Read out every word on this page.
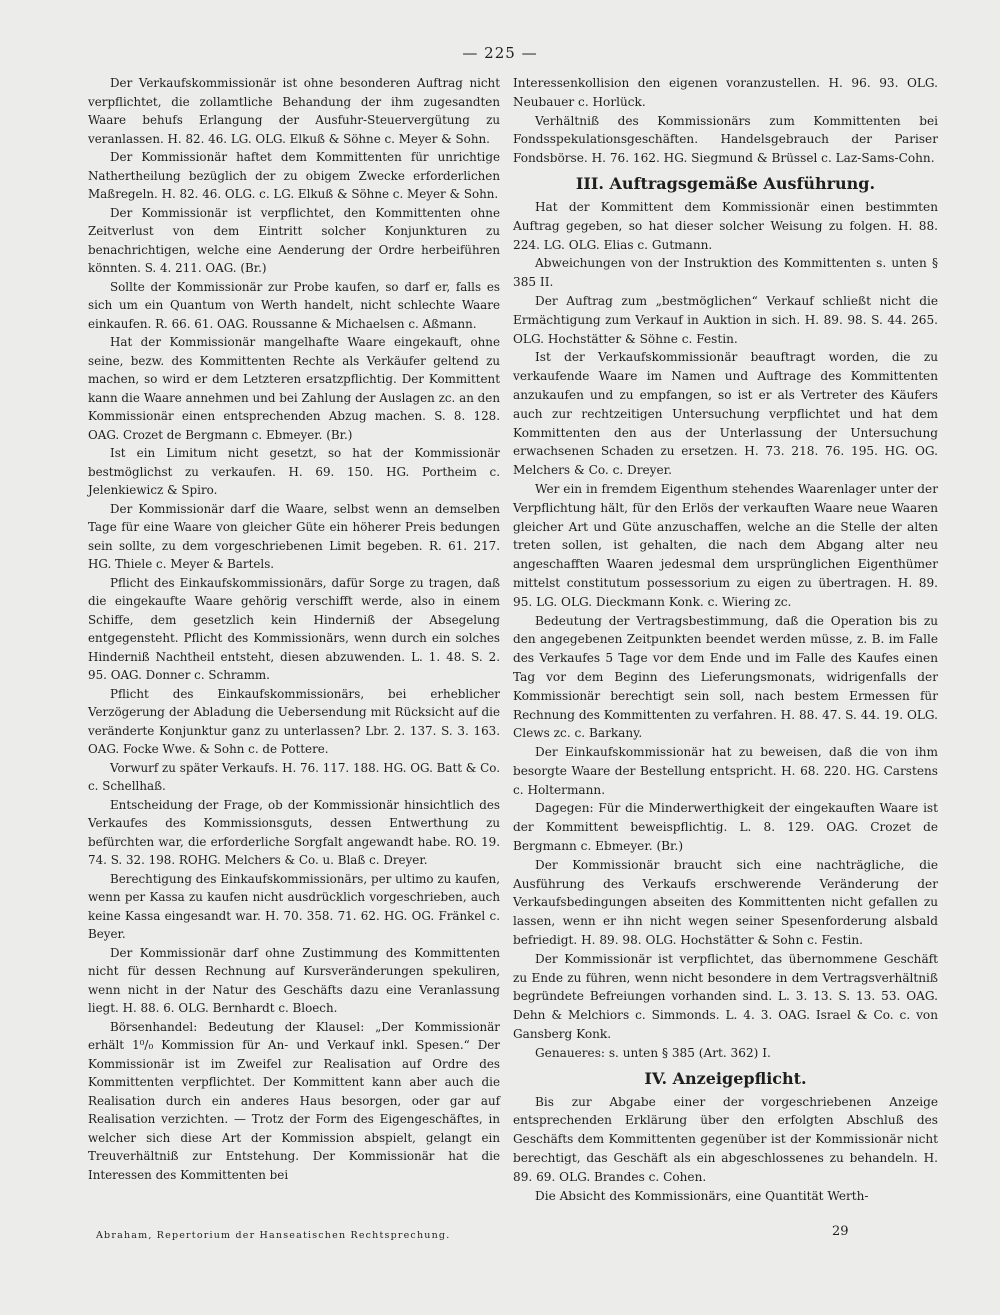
— 225 —

Der Verkaufskommissionär ist ohne besonderen Auftrag nicht verpflichtet, die zollamtliche Behandung der ihm zugesandten Waare behufs Erlangung der Ausfuhr-Steuervergütung zu veranlassen. H. 82. 46. LG. OLG. Elkuß & Söhne c. Meyer & Sohn.

Der Kommissionär haftet dem Kommittenten für unrichtige Nathertheilung bezüglich der zu obigem Zwecke erforderlichen Maßregeln. H. 82. 46. OLG. c. LG. Elkuß & Söhne c. Meyer & Sohn.

Der Kommissionär ist verpflichtet, den Kommittenten ohne Zeitverlust von dem Eintritt solcher Konjunkturen zu benachrichtigen, welche eine Aenderung der Ordre herbeiführen könnten. S. 4. 211. OAG. (Br.)

Sollte der Kommissionär zur Probe kaufen, so darf er, falls es sich um ein Quantum von Werth handelt, nicht schlechte Waare einkaufen. R. 66. 61. OAG. Roussanne & Michaelsen c. Aßmann.

Hat der Kommissionär mangelhafte Waare eingekauft, ohne seine, bezw. des Kommittenten Rechte als Verkäufer geltend zu machen, so wird er dem Letzteren ersatzpflichtig. Der Kommittent kann die Waare annehmen und bei Zahlung der Auslagen zc. an den Kommissionär einen entsprechenden Abzug machen. S. 8. 128. OAG. Crozet de Bergmann c. Ebmeyer. (Br.)

Ist ein Limitum nicht gesetzt, so hat der Kommissionär bestmöglichst zu verkaufen. H. 69. 150. HG. Portheim c. Jelenkiewicz & Spiro.

Der Kommissionär darf die Waare, selbst wenn an demselben Tage für eine Waare von gleicher Güte ein höherer Preis bedungen sein sollte, zu dem vorgeschriebenen Limit begeben. R. 61. 217. HG. Thiele c. Meyer & Bartels.

Pflicht des Einkaufskommissionärs, dafür Sorge zu tragen, daß die eingekaufte Waare gehörig verschifft werde, also in einem Schiffe, dem gesetzlich kein Hinderniß der Absegelung entgegensteht. Pflicht des Kommissionärs, wenn durch ein solches Hinderniß Nachtheil entsteht, diesen abzuwenden. L. 1. 48. S. 2. 95. OAG. Donner c. Schramm.

Pflicht des Einkaufskommissionärs, bei erheblicher Verzögerung der Abladung die Uebersendung mit Rücksicht auf die veränderte Konjunktur ganz zu unterlassen? Lbr. 2. 137. S. 3. 163. OAG. Focke Wwe. & Sohn c. de Pottere.

Vorwurf zu später Verkaufs. H. 76. 117. 188. HG. OG. Batt & Co. c. Schellhaß.

Entscheidung der Frage, ob der Kommissionär hinsichtlich des Verkaufes des Kommissionsguts, dessen Entwerthung zu befürchten war, die erforderliche Sorgfalt angewandt habe. RO. 19. 74. S. 32. 198. ROHG. Melchers & Co. u. Blaß c. Dreyer.

Berechtigung des Einkaufskommissionärs, per ultimo zu kaufen, wenn per Kassa zu kaufen nicht ausdrücklich vorgeschrieben, auch keine Kassa eingesandt war. H. 70. 358. 71. 62. HG. OG. Fränkel c. Beyer.

Der Kommissionär darf ohne Zustimmung des Kommittenten nicht für dessen Rechnung auf Kursveränderungen spekuliren, wenn nicht in der Natur des Geschäfts dazu eine Veranlassung liegt. H. 88. 6. OLG. Bernhardt c. Bloech.

Börsenhandel: Bedeutung der Klausel: „Der Kommissionär erhält 1⁰/₀ Kommission für An- und Verkauf inkl. Spesen.“ Der Kommissionär ist im Zweifel zur Realisation auf Ordre des Kommittenten verpflichtet. Der Kommittent kann aber auch die Realisation durch ein anderes Haus besorgen, oder gar auf Realisation verzichten. — Trotz der Form des Eigengeschäftes, in welcher sich diese Art der Kommission abspielt, gelangt ein Treuverhältniß zur Entstehung. Der Kommissionär hat die Interessen des Kommittenten bei

Interessenkollision den eigenen voranzustellen. H. 96. 93. OLG. Neubauer c. Horlück.

Verhältniß des Kommissionärs zum Kommittenten bei Fondsspekulationsgeschäften. Handelsgebrauch der Pariser Fondsbörse. H. 76. 162. HG. Siegmund & Brüssel c. Laz-Sams-Cohn.

III. Auftragsgemäße Ausführung.

Hat der Kommittent dem Kommissionär einen bestimmten Auftrag gegeben, so hat dieser solcher Weisung zu folgen. H. 88. 224. LG. OLG. Elias c. Gutmann.

Abweichungen von der Instruktion des Kommittenten s. unten § 385 II.

Der Auftrag zum „bestmöglichen“ Verkauf schließt nicht die Ermächtigung zum Verkauf in Auktion in sich. H. 89. 98. S. 44. 265. OLG. Hochstätter & Söhne c. Festin.

Ist der Verkaufskommissionär beauftragt worden, die zu verkaufende Waare im Namen und Auftrage des Kommittenten anzukaufen und zu empfangen, so ist er als Vertreter des Käufers auch zur rechtzeitigen Untersuchung verpflichtet und hat dem Kommittenten den aus der Unterlassung der Untersuchung erwachsenen Schaden zu ersetzen. H. 73. 218. 76. 195. HG. OG. Melchers & Co. c. Dreyer.

Wer ein in fremdem Eigenthum stehendes Waarenlager unter der Verpflichtung hält, für den Erlös der verkauften Waare neue Waaren gleicher Art und Güte anzuschaffen, welche an die Stelle der alten treten sollen, ist gehalten, die nach dem Abgang alter neu angeschafften Waaren jedesmal dem ursprünglichen Eigenthümer mittelst constitutum possessorium zu eigen zu übertragen. H. 89. 95. LG. OLG. Dieckmann Konk. c. Wiering zc.

Bedeutung der Vertragsbestimmung, daß die Operation bis zu den angegebenen Zeitpunkten beendet werden müsse, z. B. im Falle des Verkaufes 5 Tage vor dem Ende und im Falle des Kaufes einen Tag vor dem Beginn des Lieferungsmonats, widrigenfalls der Kommissionär berechtigt sein soll, nach bestem Ermessen für Rechnung des Kommittenten zu verfahren. H. 88. 47. S. 44. 19. OLG. Clews zc. c. Barkany.

Der Einkaufskommissionär hat zu beweisen, daß die von ihm besorgte Waare der Bestellung entspricht. H. 68. 220. HG. Carstens c. Holtermann.

Dagegen: Für die Minderwerthigkeit der eingekauften Waare ist der Kommittent beweispflichtig. L. 8. 129. OAG. Crozet de Bergmann c. Ebmeyer. (Br.)

Der Kommissionär braucht sich eine nachträgliche, die Ausführung des Verkaufs erschwerende Veränderung der Verkaufsbedingungen abseiten des Kommittenten nicht gefallen zu lassen, wenn er ihn nicht wegen seiner Spesenforderung alsbald befriedigt. H. 89. 98. OLG. Hochstätter & Sohn c. Festin.

Der Kommissionär ist verpflichtet, das übernommene Geschäft zu Ende zu führen, wenn nicht besondere in dem Vertragsverhältniß begründete Befreiungen vorhanden sind. L. 3. 13. S. 13. 53. OAG. Dehn & Melchiors c. Simmonds. L. 4. 3. OAG. Israel & Co. c. von Gansberg Konk.

Genaueres: s. unten § 385 (Art. 362) I.

IV. Anzeigepflicht.

Bis zur Abgabe einer der vorgeschriebenen Anzeige entsprechenden Erklärung über den erfolgten Abschluß des Geschäfts dem Kommittenten gegenüber ist der Kommissionär nicht berechtigt, das Geschäft als ein abgeschlossenes zu behandeln. H. 89. 69. OLG. Brandes c. Cohen.

Die Absicht des Kommissionärs, eine Quantität Werth-

Abraham, Repertorium der Hanseatischen Rechtsprechung.	29
